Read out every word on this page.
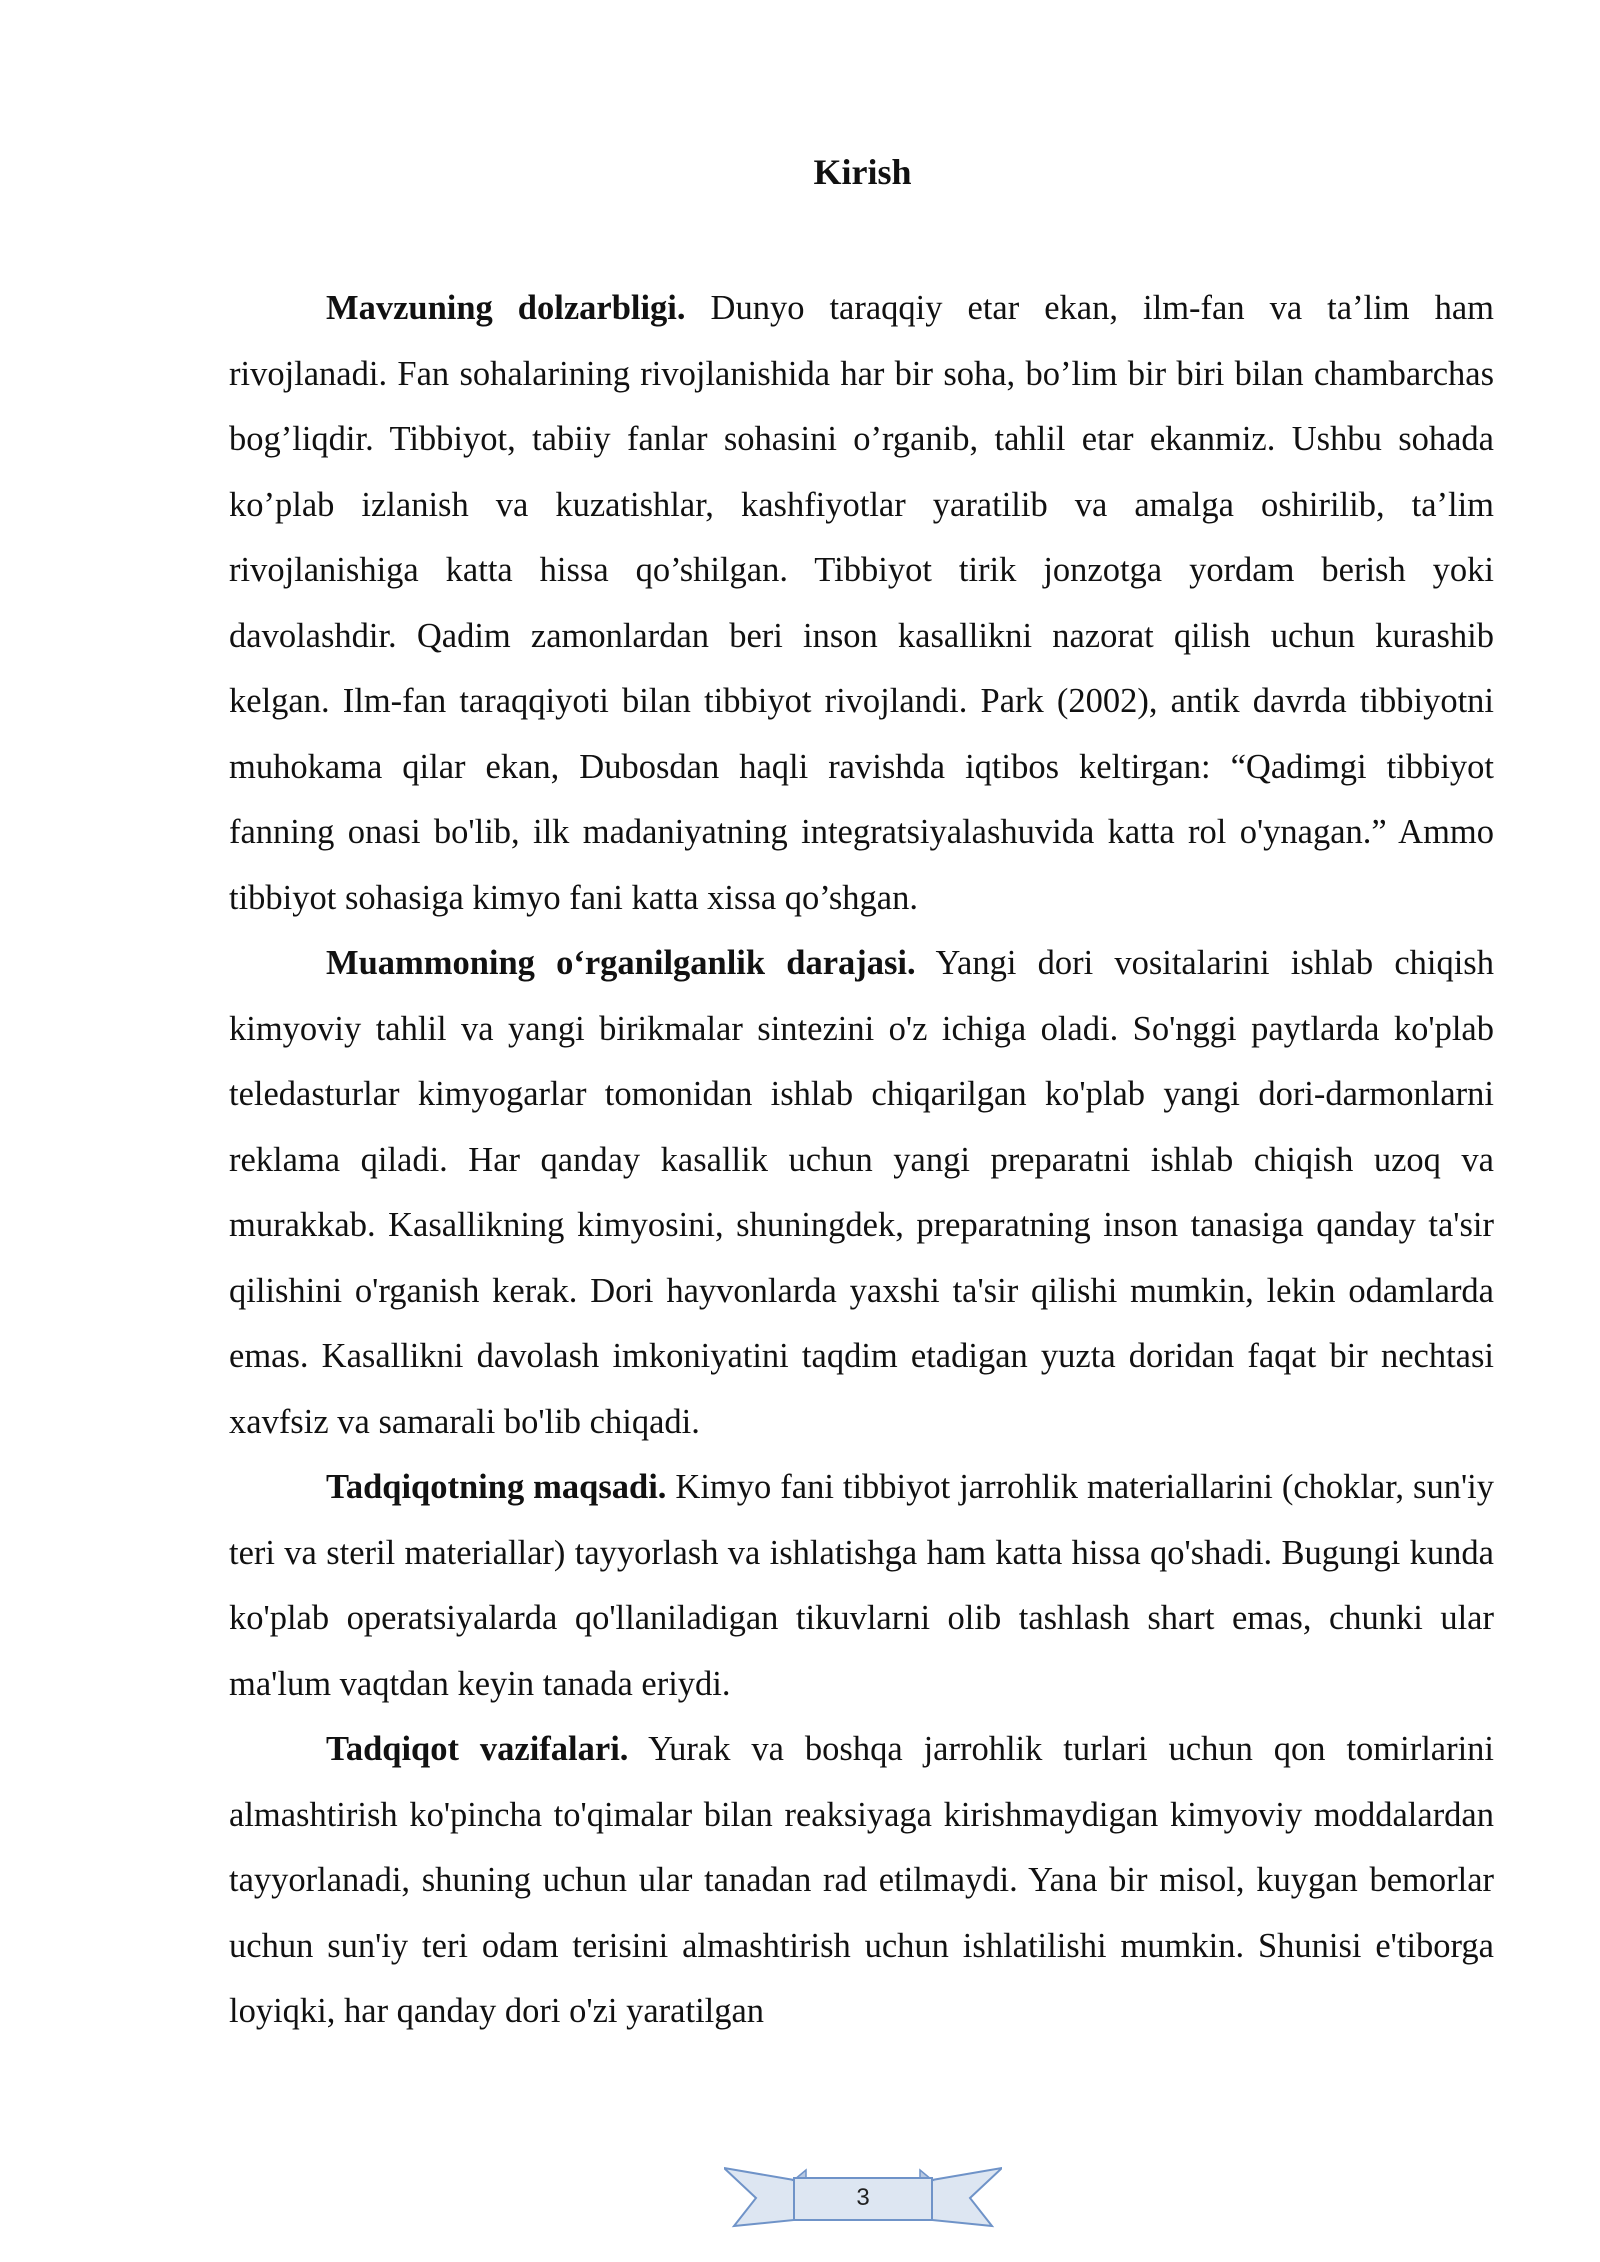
Kirish

Mavzuning dolzarbligi. Dunyo taraqqiy etar ekan, ilm-fan va ta’lim ham rivojlanadi. Fan sohalarining rivojlanishida har bir soha, bo’lim bir biri bilan chambarchas bog’liqdir. Tibbiyot, tabiiy fanlar sohasini o’rganib, tahlil etar ekanmiz. Ushbu sohada ko’plab izlanish va kuzatishlar, kashfiyotlar yaratilib va amalga oshirilib, ta’lim rivojlanishiga katta hissa qo’shilgan. Tibbiyot tirik jonzotga yordam berish yoki davolashdir. Qadim zamonlardan beri inson kasallikni nazorat qilish uchun kurashib kelgan. Ilm-fan taraqqiyoti bilan tibbiyot rivojlandi. Park (2002), antik davrda tibbiyotni muhokama qilar ekan, Dubosdan haqli ravishda iqtibos keltirgan: “Qadimgi tibbiyot fanning onasi bo'lib, ilk madaniyatning integratsiyalashuvida katta rol o'ynagan.” Ammo tibbiyot sohasiga kimyo fani katta xissa qo’shgan.

Muammoning o‘rganilganlik darajasi. Yangi dori vositalarini ishlab chiqish kimyoviy tahlil va yangi birikmalar sintezini o'z ichiga oladi. So'nggi paytlarda ko'plab teledasturlar kimyogarlar tomonidan ishlab chiqarilgan ko'plab yangi dori-darmonlarni reklama qiladi. Har qanday kasallik uchun yangi preparatni ishlab chiqish uzoq va murakkab. Kasallikning kimyosini, shuningdek, preparatning inson tanasiga qanday ta'sir qilishini o'rganish kerak. Dori hayvonlarda yaxshi ta'sir qilishi mumkin, lekin odamlarda emas. Kasallikni davolash imkoniyatini taqdim etadigan yuzta doridan faqat bir nechtasi xavfsiz va samarali bo'lib chiqadi.

Tadqiqotning maqsadi. Kimyo fani tibbiyot jarrohlik materiallarini (choklar, sun'iy teri va steril materiallar) tayyorlash va ishlatishga ham katta hissa qo'shadi. Bugungi kunda ko'plab operatsiyalarda qo'llaniladigan tikuvlarni olib tashlash shart emas, chunki ular ma'lum vaqtdan keyin tanada eriydi.

Tadqiqot vazifalari. Yurak va boshqa jarrohlik turlari uchun qon tomirlarini almashtirish ko'pincha to'qimalar bilan reaksiyaga kirishmaydigan kimyoviy moddalardan tayyorlanadi, shuning uchun ular tanadan rad etilmaydi. Yana bir misol, kuygan bemorlar uchun sun'iy teri odam terisini almashtirish uchun ishlatilishi mumkin. Shunisi e'tiborga loyiqki, har qanday dori o'zi yaratilgan

3
